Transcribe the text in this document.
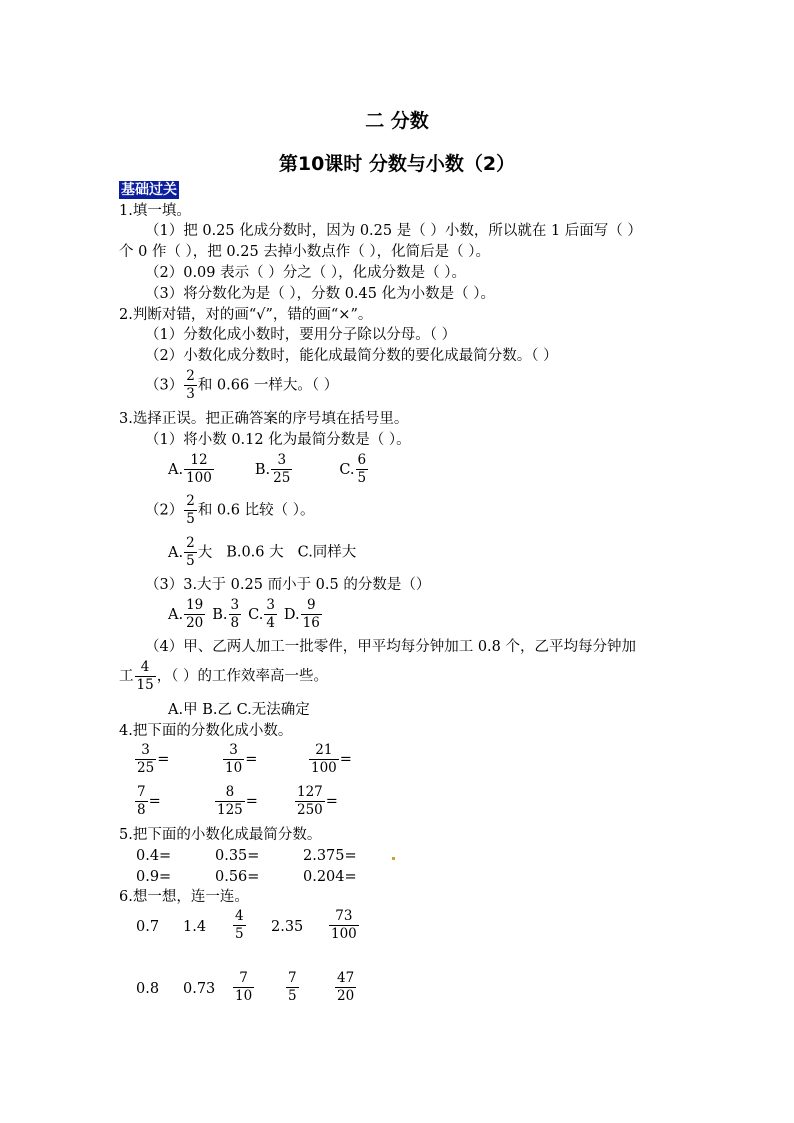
二 分数
第10课时 分数与小数（2）
基础过关
1.填一填。
（1）把 0.25 化成分数时，因为 0.25 是（ ）小数，所以就在 1 后面写（ ）
个 0 作（ ），把 0.25 去掉小数点作（ ），化简后是（ ）。
（2）0.09 表示（ ）分之（ ），化成分数是（ ）。
（3）将分数化为是（ ），分数 0.45 化为小数是（ ）。
2.判断对错，对的画“√”，错的画“×”。
（1）分数化成小数时，要用分子除以分母。（ ）
（2）小数化成分数时，能化成最简分数的要化成最简分数。（ ）
$(3) \frac{2}{3}$ 和 0.66 一样大。（ ）
3.选择正误。把正确答案的序号填在括号里。
（1）将小数 0.12 化为最简分数是（ ）。
A. $\frac{12}{100}$	B. $\frac{3}{25}$	C. $\frac{6}{5}$
$(2) \frac{2}{5}$ 和 0.6 比较（ ）。
A. $\frac{2}{5}$ 大 B.0.6 大 C.同样大
（3）3.大于 0.25 而小于 0.5 的分数是（）
A. $\frac{19}{20} B$. $\frac{3}{8} C$. $\frac{3}{4} D$. $\frac{9}{16}$
（4）甲、乙两人加工一批零件，甲平均每分钟加工 0.8 个，乙平均每分钟加
工 $\frac{4}{15}$ ，（ ）的工作效率高一些。
A.甲 B.乙 C.无法确定
4.把下面的分数化成小数。
$\frac{3}{25}$ =	$\frac{3}{10}$ =	$\frac{21}{100}$ =
$\frac{7}{8}$ =	$\frac{8}{125}$ =	$\frac{127}{250}$ =
5.把下面的小数化成最简分数。
0.4=	0.35=	2.375=
0.9=	0.56=	0.204=
6.想一想，连一连。
0.7 $1.4 \frac{4}{5} 2.35 \frac{73}{100}$
0.8 $0.73 \frac{7}{10} \frac{7}{5}$	$\frac{47}{20}$
